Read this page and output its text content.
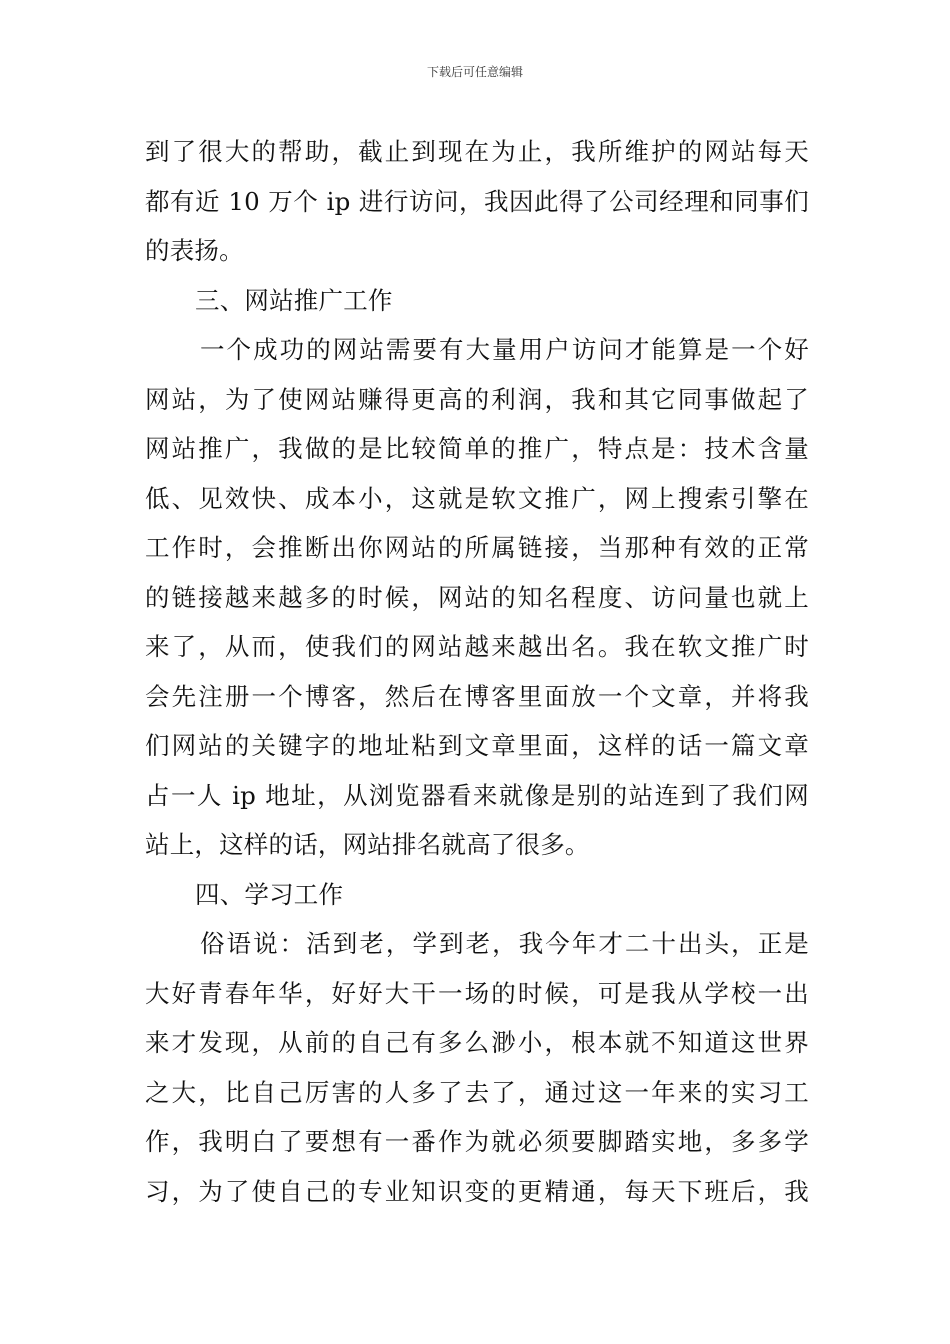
下载后可任意编辑
到了很大的帮助，截止到现在为止，我所维护的网站每天
都有近 10 万个 ip 进行访问，我因此得了公司经理和同事们
的表扬。
三、网站推广工作
一个成功的网站需要有大量用户访问才能算是一个好
网站，为了使网站赚得更高的利润，我和其它同事做起了
网站推广，我做的是比较简单的推广，特点是：技术含量
低、见效快、成本小，这就是软文推广，网上搜索引擎在
工作时，会推断出你网站的所属链接，当那种有效的正常
的链接越来越多的时候，网站的知名程度、访问量也就上
来了，从而，使我们的网站越来越出名。我在软文推广时
会先注册一个博客，然后在博客里面放一个文章，并将我
们网站的关键字的地址粘到文章里面，这样的话一篇文章
占一人 ip 地址，从浏览器看来就像是别的站连到了我们网
站上，这样的话，网站排名就高了很多。
四、学习工作
俗语说：活到老，学到老，我今年才二十出头，正是
大好青春年华，好好大干一场的时候，可是我从学校一出
来才发现，从前的自己有多么渺小，根本就不知道这世界
之大，比自己厉害的人多了去了，通过这一年来的实习工
作，我明白了要想有一番作为就必须要脚踏实地，多多学
习，为了使自己的专业知识变的更精通，每天下班后，我
